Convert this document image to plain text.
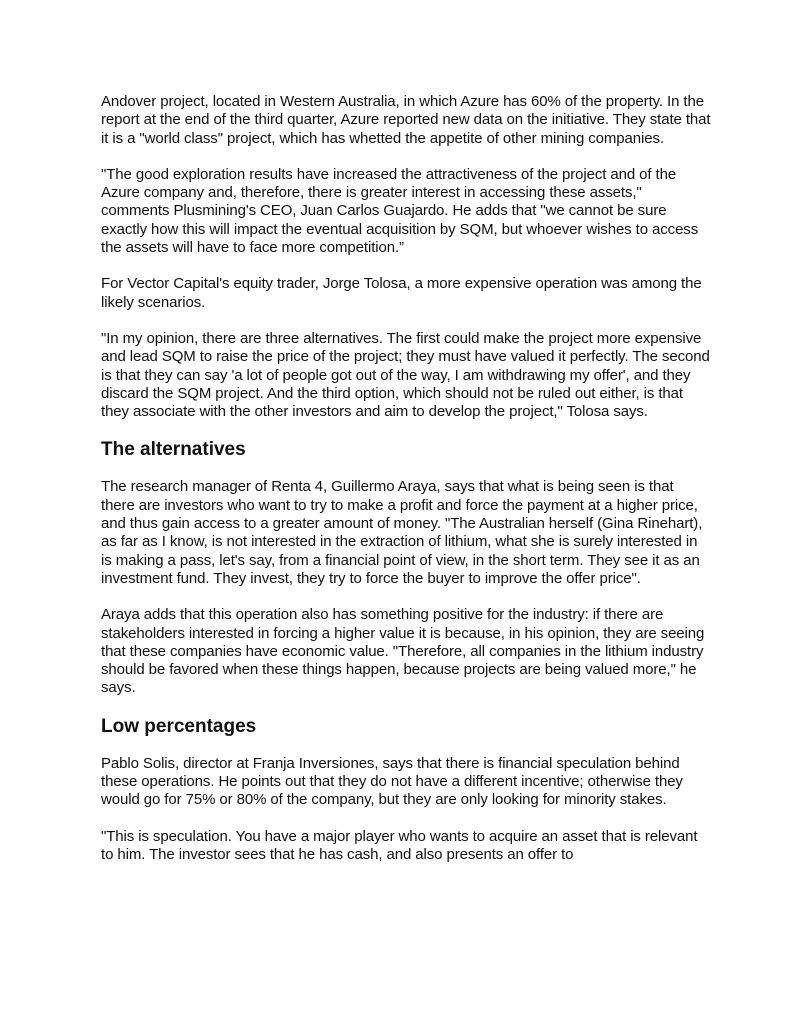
Andover project, located in Western Australia, in which Azure has 60% of the property. In the report at the end of the third quarter, Azure reported new data on the initiative. They state that it is a "world class" project, which has whetted the appetite of other mining companies.

"The good exploration results have increased the attractiveness of the project and of the Azure company and, therefore, there is greater interest in accessing these assets," comments Plusmining's CEO, Juan Carlos Guajardo. He adds that "we cannot be sure exactly how this will impact the eventual acquisition by SQM, but whoever wishes to access the assets will have to face more competition.”

For Vector Capital's equity trader, Jorge Tolosa, a more expensive operation was among the likely scenarios.

"In my opinion, there are three alternatives. The first could make the project more expensive and lead SQM to raise the price of the project; they must have valued it perfectly. The second is that they can say 'a lot of people got out of the way, I am withdrawing my offer', and they discard the SQM project. And the third option, which should not be ruled out either, is that they associate with the other investors and aim to develop the project," Tolosa says.

The alternatives

The research manager of Renta 4, Guillermo Araya, says that what is being seen is that there are investors who want to try to make a profit and force the payment at a higher price, and thus gain access to a greater amount of money. "The Australian herself (Gina Rinehart), as far as I know, is not interested in the extraction of lithium, what she is surely interested in is making a pass, let's say, from a financial point of view, in the short term. They see it as an investment fund. They invest, they try to force the buyer to improve the offer price".

Araya adds that this operation also has something positive for the industry: if there are stakeholders interested in forcing a higher value it is because, in his opinion, they are seeing that these companies have economic value. "Therefore, all companies in the lithium industry should be favored when these things happen, because projects are being valued more," he says.

Low percentages

Pablo Solis, director at Franja Inversiones, says that there is financial speculation behind these operations. He points out that they do not have a different incentive; otherwise they would go for 75% or 80% of the company, but they are only looking for minority stakes.

"This is speculation. You have a major player who wants to acquire an asset that is relevant to him. The investor sees that he has cash, and also presents an offer to
